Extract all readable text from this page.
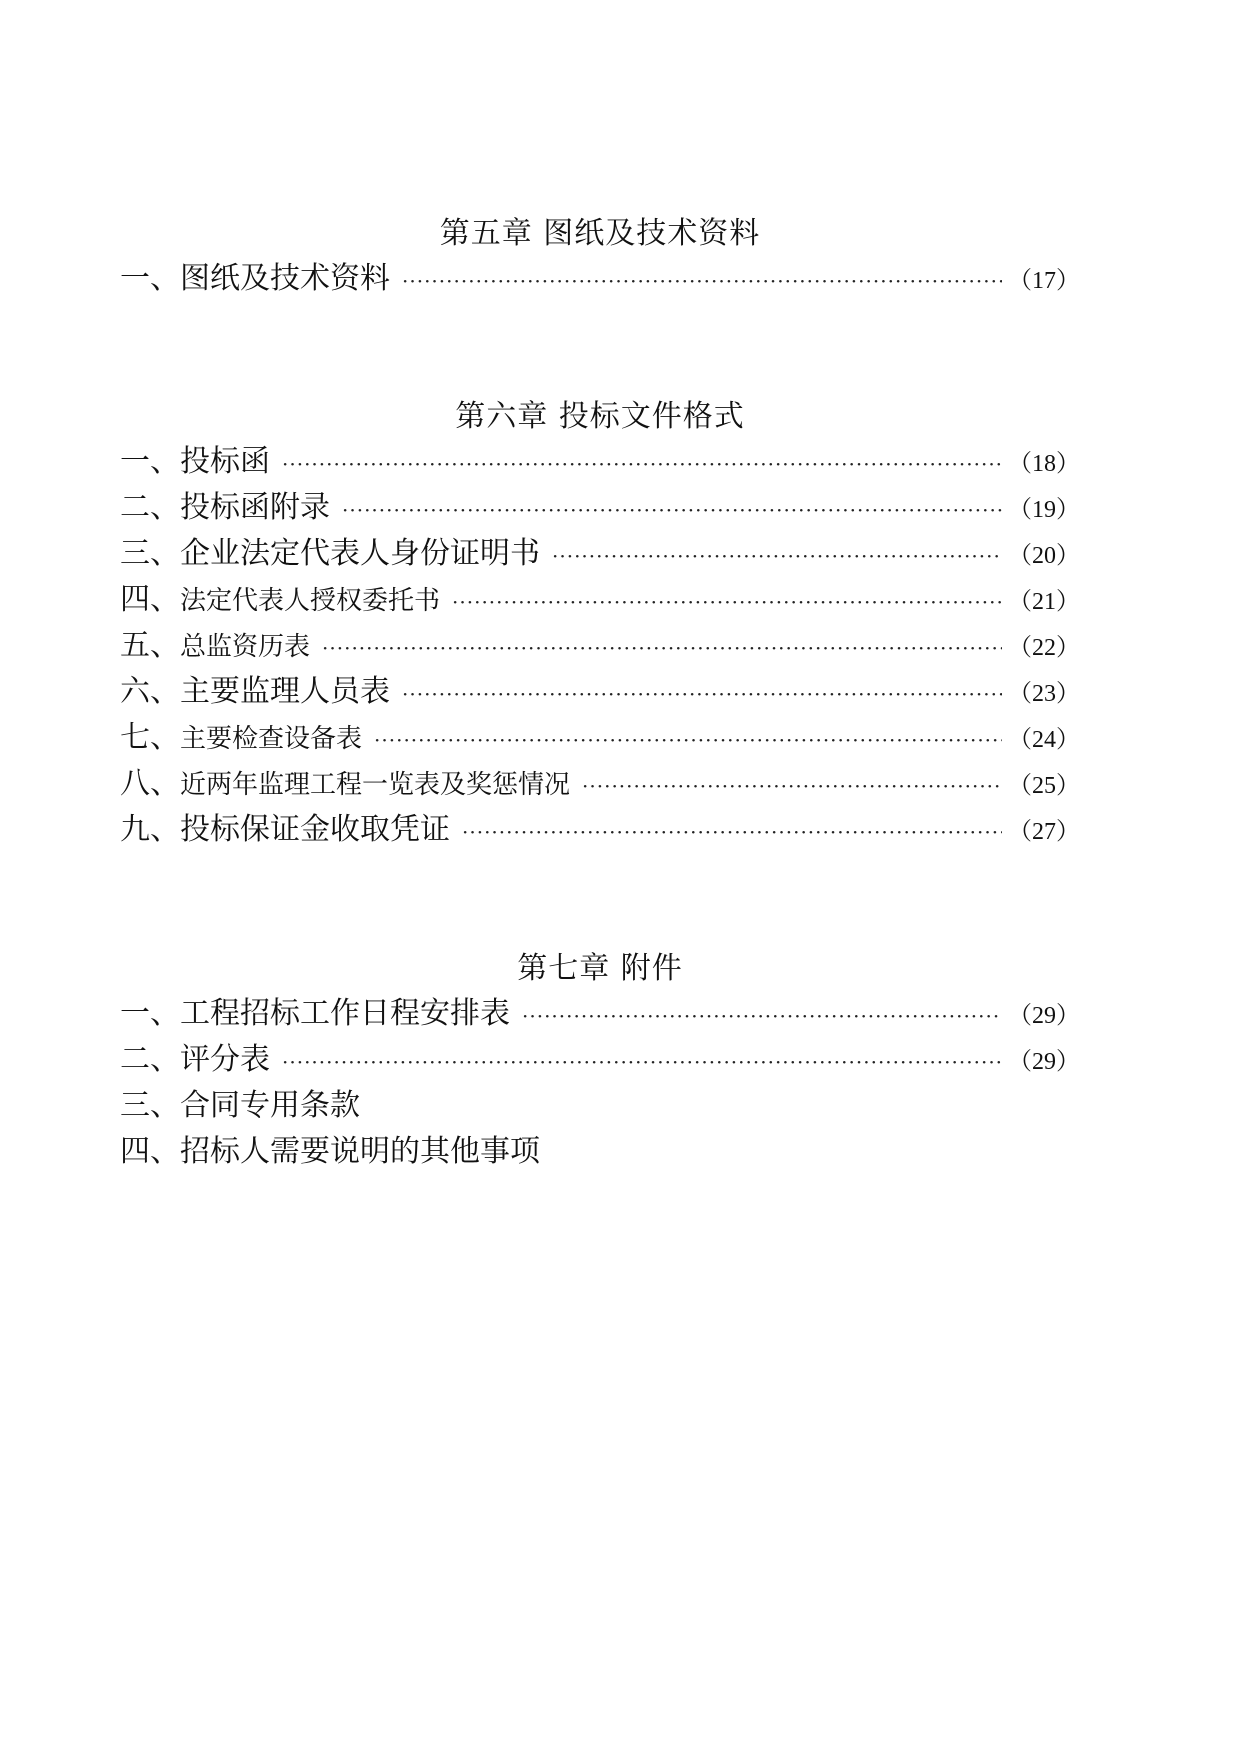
第五章 图纸及技术资料
一、 图纸及技术资料 ·····	（17）
第六章 投标文件格式
一、 投标函 ·····	（18）
二、 投标函附录 ·····	（19）
三、 企业法定代表人身份证明书 ·····	（20）
四、 法定代表人授权委托书 ·····	（21）
五、 总监资历表 ·····	（22）
六、 主要监理人员表 ·····	（23）
七、 主要检查设备表 ·····	（24）
八、 近两年监理工程一览表及奖惩情况 ·····	（25）
九、 投标保证金收取凭证 ·····	（27）
第七章 附件
一、 工程招标工作日程安排表 ·····	（29）
二、 评分表 ·····	（29）
三、 合同专用条款
四、 招标人需要说明的其他事项
